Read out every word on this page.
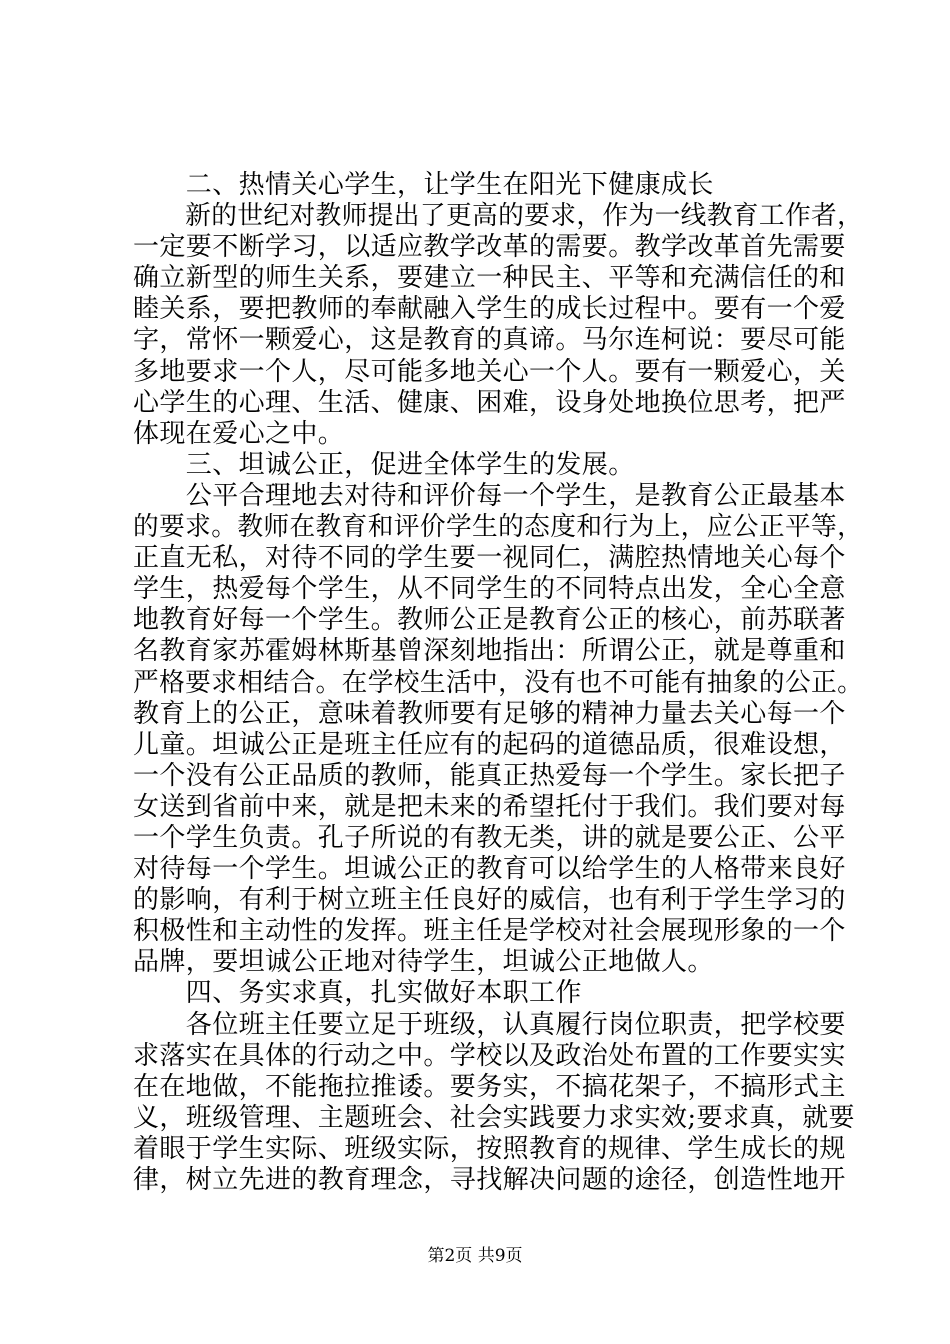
　　二、热情关心学生，让学生在阳光下健康成长
　　新的世纪对教师提出了更高的要求，作为一线教育工作者，
一定要不断学习，以适应教学改革的需要。教学改革首先需要
确立新型的师生关系，要建立一种民主、平等和充满信任的和
睦关系，要把教师的奉献融入学生的成长过程中。要有一个爱
字，常怀一颗爱心，这是教育的真谛。马尔连柯说：要尽可能
多地要求一个人，尽可能多地关心一个人。要有一颗爱心，关
心学生的心理、生活、健康、困难，设身处地换位思考，把严
体现在爱心之中。
　　三、坦诚公正，促进全体学生的发展。
　　公平合理地去对待和评价每一个学生，是教育公正最基本
的要求。教师在教育和评价学生的态度和行为上，应公正平等，
正直无私，对待不同的学生要一视同仁，满腔热情地关心每个
学生，热爱每个学生，从不同学生的不同特点出发，全心全意
地教育好每一个学生。教师公正是教育公正的核心，前苏联著
名教育家苏霍姆林斯基曾深刻地指出：所谓公正，就是尊重和
严格要求相结合。在学校生活中，没有也不可能有抽象的公正。
教育上的公正，意味着教师要有足够的精神力量去关心每一个
儿童。坦诚公正是班主任应有的起码的道德品质，很难设想，
一个没有公正品质的教师，能真正热爱每一个学生。家长把子
女送到省前中来，就是把未来的希望托付于我们。我们要对每
一个学生负责。孔子所说的有教无类，讲的就是要公正、公平
对待每一个学生。坦诚公正的教育可以给学生的人格带来良好
的影响，有利于树立班主任良好的威信，也有利于学生学习的
积极性和主动性的发挥。班主任是学校对社会展现形象的一个
品牌，要坦诚公正地对待学生，坦诚公正地做人。
　　四、务实求真，扎实做好本职工作
　　各位班主任要立足于班级，认真履行岗位职责，把学校要
求落实在具体的行动之中。学校以及政治处布置的工作要实实
在在地做，不能拖拉推诿。要务实，不搞花架子，不搞形式主
义，班级管理、主题班会、社会实践要力求实效;要求真，就要
着眼于学生实际、班级实际，按照教育的规律、学生成长的规
律，树立先进的教育理念，寻找解决问题的途径，创造性地开
第2页 共9页
